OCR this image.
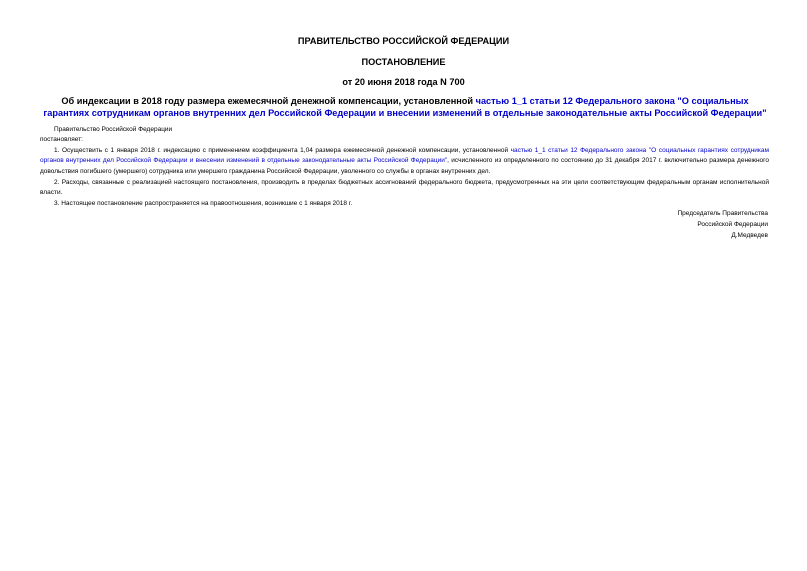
ПРАВИТЕЛЬСТВО РОССИЙСКОЙ ФЕДЕРАЦИИ
ПОСТАНОВЛЕНИЕ
от 20 июня 2018 года N 700
Об индексации в 2018 году размера ежемесячной денежной компенсации, установленной частью 1_1 статьи 12 Федерального закона "О социальных гарантиях сотрудникам органов внутренних дел Российской Федерации и внесении изменений в отдельные законодательные акты Российской Федерации"
Правительство Российской Федерации
постановляет:
1. Осуществить с 1 января 2018 г. индексацию с применением коэффициента 1,04 размера ежемесячной денежной компенсации, установленной частью 1_1 статьи 12 Федерального закона "О социальных гарантиях сотрудникам органов внутренних дел Российской Федерации и внесении изменений в отдельные законодательные акты Российской Федерации", исчисленного из определенного по состоянию до 31 декабря 2017 г. включительно размера денежного довольствия погибшего (умершего) сотрудника или умершего гражданина Российской Федерации, уволенного со службы в органах внутренних дел.
2. Расходы, связанные с реализацией настоящего постановления, производить в пределах бюджетных ассигнований федерального бюджета, предусмотренных на эти цели соответствующим федеральным органам исполнительной власти.
3. Настоящее постановление распространяется на правоотношения, возникшие с 1 января 2018 г.
Председатель Правительства
Российской Федерации
Д.Медведев
